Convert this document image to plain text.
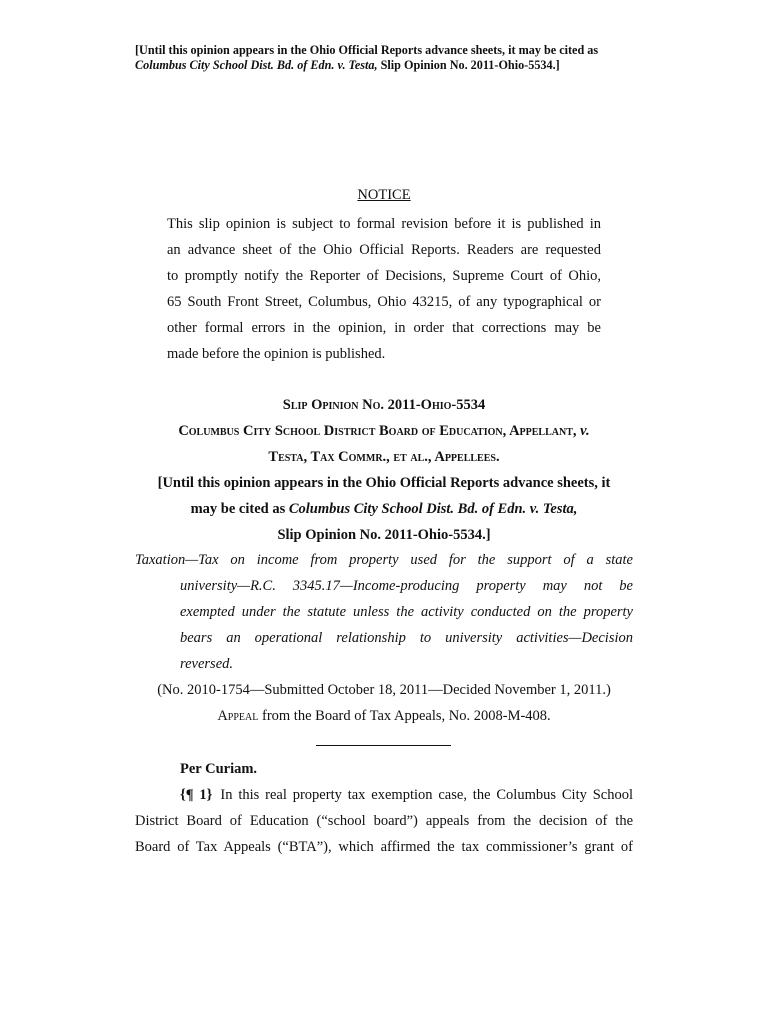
[Until this opinion appears in the Ohio Official Reports advance sheets, it may be cited as
Columbus City School Dist. Bd. of Edn. v. Testa, Slip Opinion No. 2011-Ohio-5534.]
NOTICE
This slip opinion is subject to formal revision before it is published in
an advance sheet of the Ohio Official Reports. Readers are requested
to promptly notify the Reporter of Decisions, Supreme Court of Ohio,
65 South Front Street, Columbus, Ohio 43215, of any typographical or
other formal errors in the opinion, in order that corrections may be
made before the opinion is published.
Slip Opinion No. 2011-Ohio-5534
Columbus City School District Board of Education, Appellant, v.
Testa, Tax Commr., et al., Appellees.
[Until this opinion appears in the Ohio Official Reports advance sheets, it
may be cited as Columbus City School Dist. Bd. of Edn. v. Testa,
Slip Opinion No. 2011-Ohio-5534.]
Taxation—Tax on income from property used for the support of a state
university—R.C. 3345.17—Income-producing property may not be
exempted under the statute unless the activity conducted on the property
bears an operational relationship to university activities—Decision
reversed.
(No. 2010-1754—Submitted October 18, 2011—Decided November 1, 2011.)
Appeal from the Board of Tax Appeals, No. 2008-M-408.
Per Curiam.
{¶ 1} In this real property tax exemption case, the Columbus City School
District Board of Education (“school board”) appeals from the decision of the
Board of Tax Appeals (“BTA”), which affirmed the tax commissioner’s grant of
